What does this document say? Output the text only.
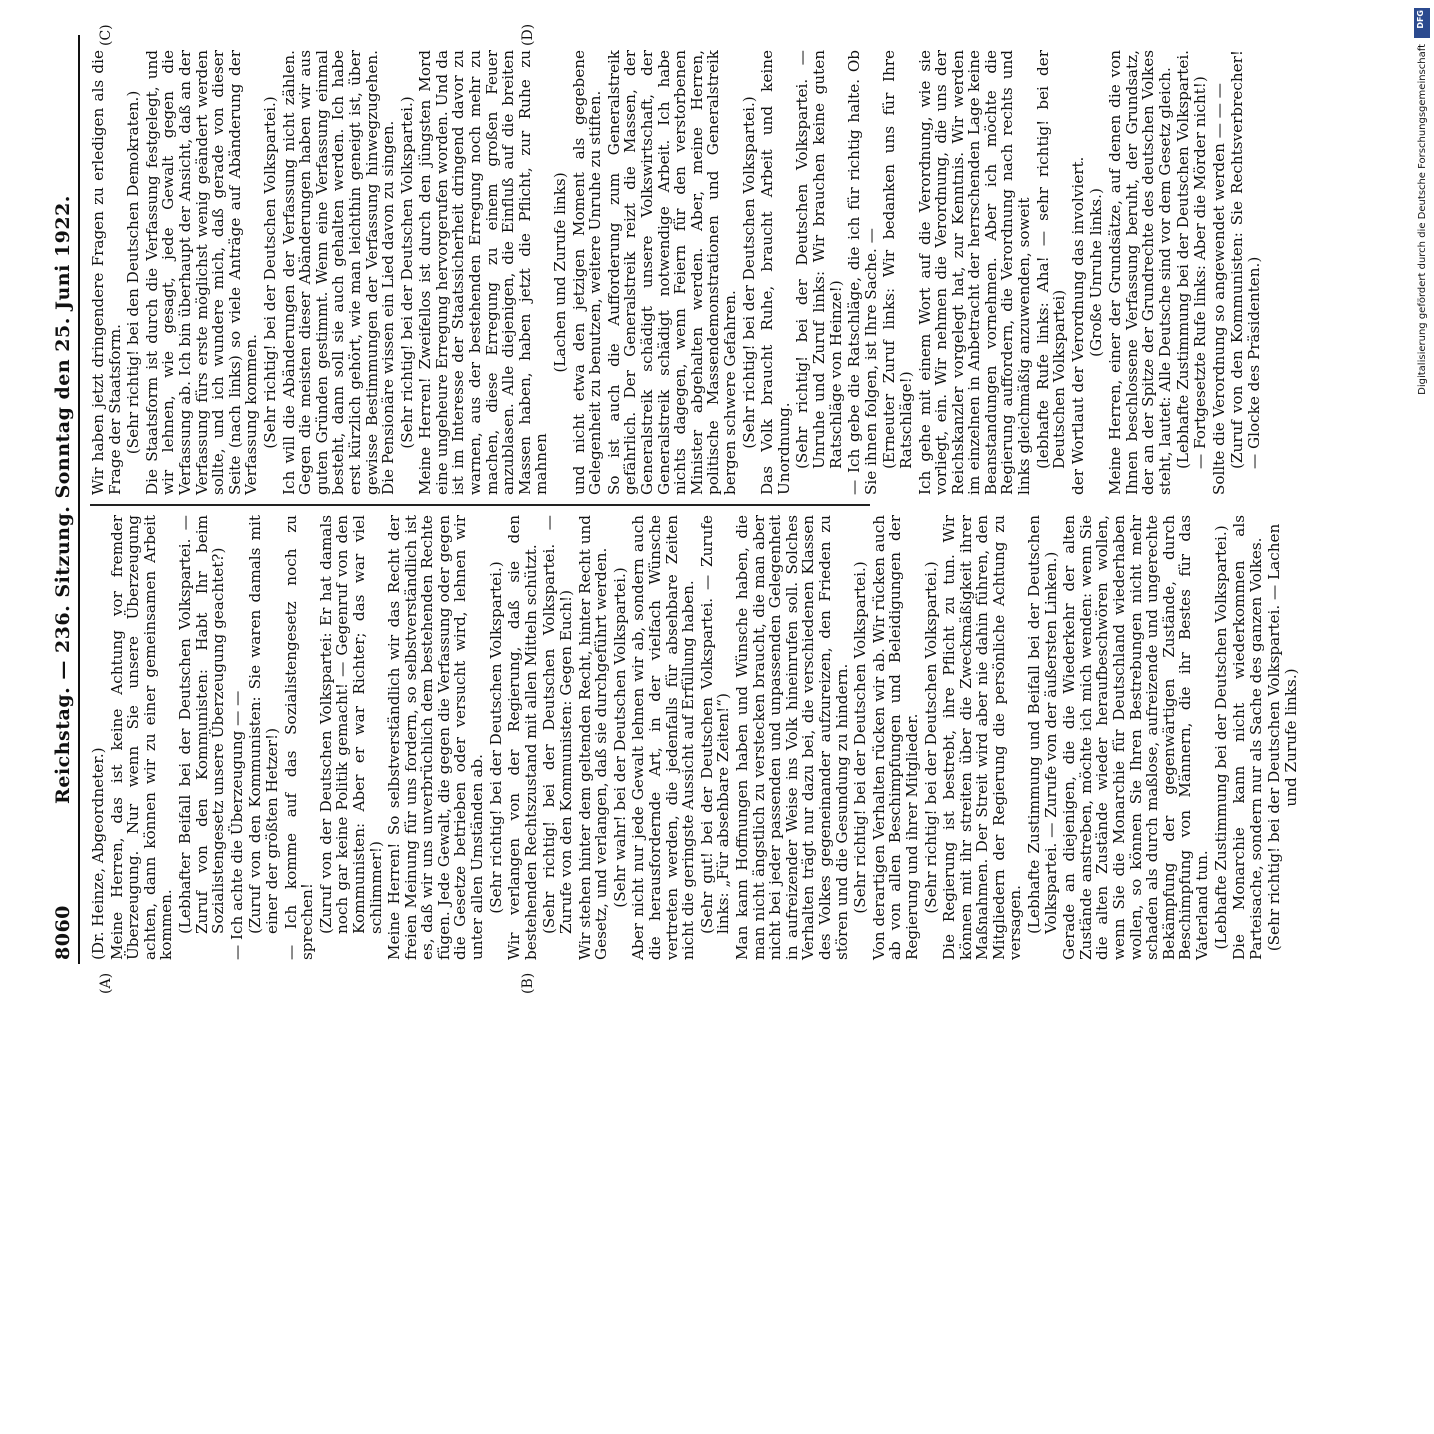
8060
Reichstag. — 236. Sitzung. Sonntag den 25. Juni 1922.
(A)	(B)
(C)	(D)

(Dr. Heinze, Abgeordneter.) Meine Herren, das ist keine Achtung vor fremder Überzeugung. Nur wenn Sie unsere Überzeugung achten, dann können wir zu einer gemeinsamen Arbeit kommen. (Lebhafter Beifall bei der Deutschen Volkspartei. — Zuruf von den Kommunisten: Habt Ihr beim Sozialistengesetz unsere Überzeugung geachtet?) — Ich achte die Überzeugung — — (Zuruf von den Kommunisten: Sie waren damals mit einer der größten Hetzer!) — Ich komme auf das Sozialistengesetz noch zu sprechen! (Zuruf von der Deutschen Volkspartei: Er hat damals noch gar keine Politik gemacht! — Gegenruf von den Kommunisten: Aber er war Richter; das war viel schlimmer!) Meine Herren! So selbstverständlich wir das Recht der freien Meinung für uns fordern, so selbstverständlich ist es, daß wir uns unverbrüchlich dem bestehenden Rechte fügen. Jede Gewalt, die gegen die Verfassung oder gegen die Gesetze betrieben oder versucht wird, lehnen wir unter allen Umständen ab. (Sehr richtig! bei der Deutschen Volkspartei.) Wir verlangen von der Regierung, daß sie den bestehenden Rechtszustand mit allen Mitteln schützt. (Sehr richtig! bei der Deutschen Volkspartei. — Zurufe von den Kommunisten: Gegen Euch!) Wir stehen hinter dem geltenden Recht, hinter Recht und Gesetz, und verlangen, daß sie durchgeführt werden. (Sehr wahr! bei der Deutschen Volkspartei.) Aber nicht nur jede Gewalt lehnen wir ab, sondern auch die herausfordernde Art, in der vielfach Wünsche vertreten werden, die jedenfalls für absehbare Zeiten nicht die geringste Aussicht auf Erfüllung haben. (Sehr gut! bei der Deutschen Volkspartei. — Zurufe links: „Für absehbare Zeiten!“) Man kann Hoffnungen haben und Wünsche haben, die man nicht ängstlich zu verstecken braucht, die man aber nicht bei jeder passenden und unpassenden Gelegenheit in aufreizender Weise ins Volk hineinrufen soll. Solches Verhalten trägt nur dazu bei, die verschiedenen Klassen des Volkes gegeneinander aufzureizen, den Frieden zu stören und die Gesundung zu hindern. (Sehr richtig! bei der Deutschen Volkspartei.) Von derartigen Verhalten rücken wir ab. Wir rücken auch ab von allen Beschimpfungen und Beleidigungen der Regierung und ihrer Mitglieder. (Sehr richtig! bei der Deutschen Volkspartei.) Die Regierung ist bestrebt, ihre Pflicht zu tun. Wir können mit ihr streiten über die Zweckmäßigkeit ihrer Maßnahmen. Der Streit wird aber nie dahin führen, den Mitgliedern der Regierung die persönliche Achtung zu versagen. (Lebhafte Zustimmung und Beifall bei der Deutschen Volkspartei. — Zurufe von der äußersten Linken.) Gerade an diejenigen, die die Wiederkehr der alten Zustände anstreben, möchte ich mich wenden: wenn Sie die alten Zustände wieder heraufbeschwören wollen, wenn Sie die Monarchie für Deutschland wiederhaben wollen, so können Sie Ihren Bestrebungen nicht mehr schaden als durch maßlose, aufreizende und ungerechte Bekämpfung der gegenwärtigen Zustände, durch Beschimpfung von Männern, die ihr Bestes für das Vaterland tun. (Lebhafte Zustimmung bei der Deutschen Volkspartei.) Die Monarchie kann nicht wiederkommen als Parteisache, sondern nur als Sache des ganzen Volkes. (Sehr richtig! bei der Deutschen Volkspartei. — Lachen und Zurufe links.)

Wir haben jetzt dringendere Fragen zu erledigen als die Frage der Staatsform. (Sehr richtig! bei den Deutschen Demokraten.) Die Staatsform ist durch die Verfassung festgelegt, und wir lehnen, wie gesagt, jede Gewalt gegen die Verfassung ab. Ich bin überhaupt der Ansicht, daß an der Verfassung fürs erste möglichst wenig geändert werden sollte, und ich wundere mich, daß gerade von dieser Seite (nach links) so viele Anträge auf Abänderung der Verfassung kommen. (Sehr richtig! bei der Deutschen Volkspartei.) Ich will die Abänderungen der Verfassung nicht zählen. Gegen die meisten dieser Abänderungen haben wir aus guten Gründen gestimmt. Wenn eine Verfassung einmal besteht, dann soll sie auch gehalten werden. Ich habe erst kürzlich gehört, wie man leichthin geneigt ist, über gewisse Bestimmungen der Verfassung hinwegzugehen. Die Pensionäre wissen ein Lied davon zu singen. (Sehr richtig! bei der Deutschen Volkspartei.) Meine Herren! Zweifellos ist durch den jüngsten Mord eine ungeheure Erregung hervorgerufen worden. Und da ist im Interesse der Staatssicherheit dringend davor zu warnen, aus der bestehenden Erregung noch mehr zu machen, diese Erregung zu einem großen Feuer anzublasen. Alle diejenigen, die Einfluß auf die breiten Massen haben, haben jetzt die Pflicht, zur Ruhe zu mahnen

(Lachen und Zurufe links) und nicht etwa den jetzigen Moment als gegebene Gelegenheit zu benutzen, weitere Unruhe zu stiften. So ist auch die Aufforderung zum Generalstreik gefährlich. Der Generalstreik reizt die Massen, der Generalstreik schädigt unsere Volkswirtschaft, der Generalstreik schädigt notwendige Arbeit. Ich habe nichts dagegen, wenn Feiern für den verstorbenen Minister abgehalten werden. Aber, meine Herren, politische Massendemonstrationen und Generalstreik bergen schwere Gefahren. (Sehr richtig! bei der Deutschen Volkspartei.) Das Volk braucht Ruhe, braucht Arbeit und keine Unordnung. (Sehr richtig! bei der Deutschen Volkspartei. — Unruhe und Zuruf links: Wir brauchen keine guten Ratschläge von Heinze!) — Ich gebe die Ratschläge, die ich für richtig halte. Ob Sie ihnen folgen, ist Ihre Sache. — (Erneuter Zuruf links: Wir bedanken uns für Ihre Ratschläge!) Ich gehe mit einem Wort auf die Verordnung, wie sie vorliegt, ein. Wir nehmen die Verordnung, die uns der Reichskanzler vorgelegt hat, zur Kenntnis. Wir werden im einzelnen in Anbetracht der herrschenden Lage keine Beanstandungen vornehmen. Aber ich möchte die Regierung auffordern, die Verordnung nach rechts und links gleichmäßig anzuwenden, soweit (lebhafte Rufe links: Aha! — sehr richtig! bei der Deutschen Volkspartei) der Wortlaut der Verordnung das involviert. (Große Unruhe links.) Meine Herren, einer der Grundsätze, auf denen die von Ihnen beschlossene Verfassung beruht, der Grundsatz, der an der Spitze der Grundrechte des deutschen Volkes steht, lautet: Alle Deutsche sind vor dem Gesetz gleich. (Lebhafte Zustimmung bei der Deutschen Volkspartei. — Fortgesetzte Rufe links: Aber die Mörder nicht!) Sollte die Verordnung so angewendet werden — — — (Zuruf von den Kommunisten: Sie Rechtsverbrecher! — Glocke des Präsidenten.)

DFG
Digitalisierung gefördert durch die Deutsche Forschungsgemeinschaft
